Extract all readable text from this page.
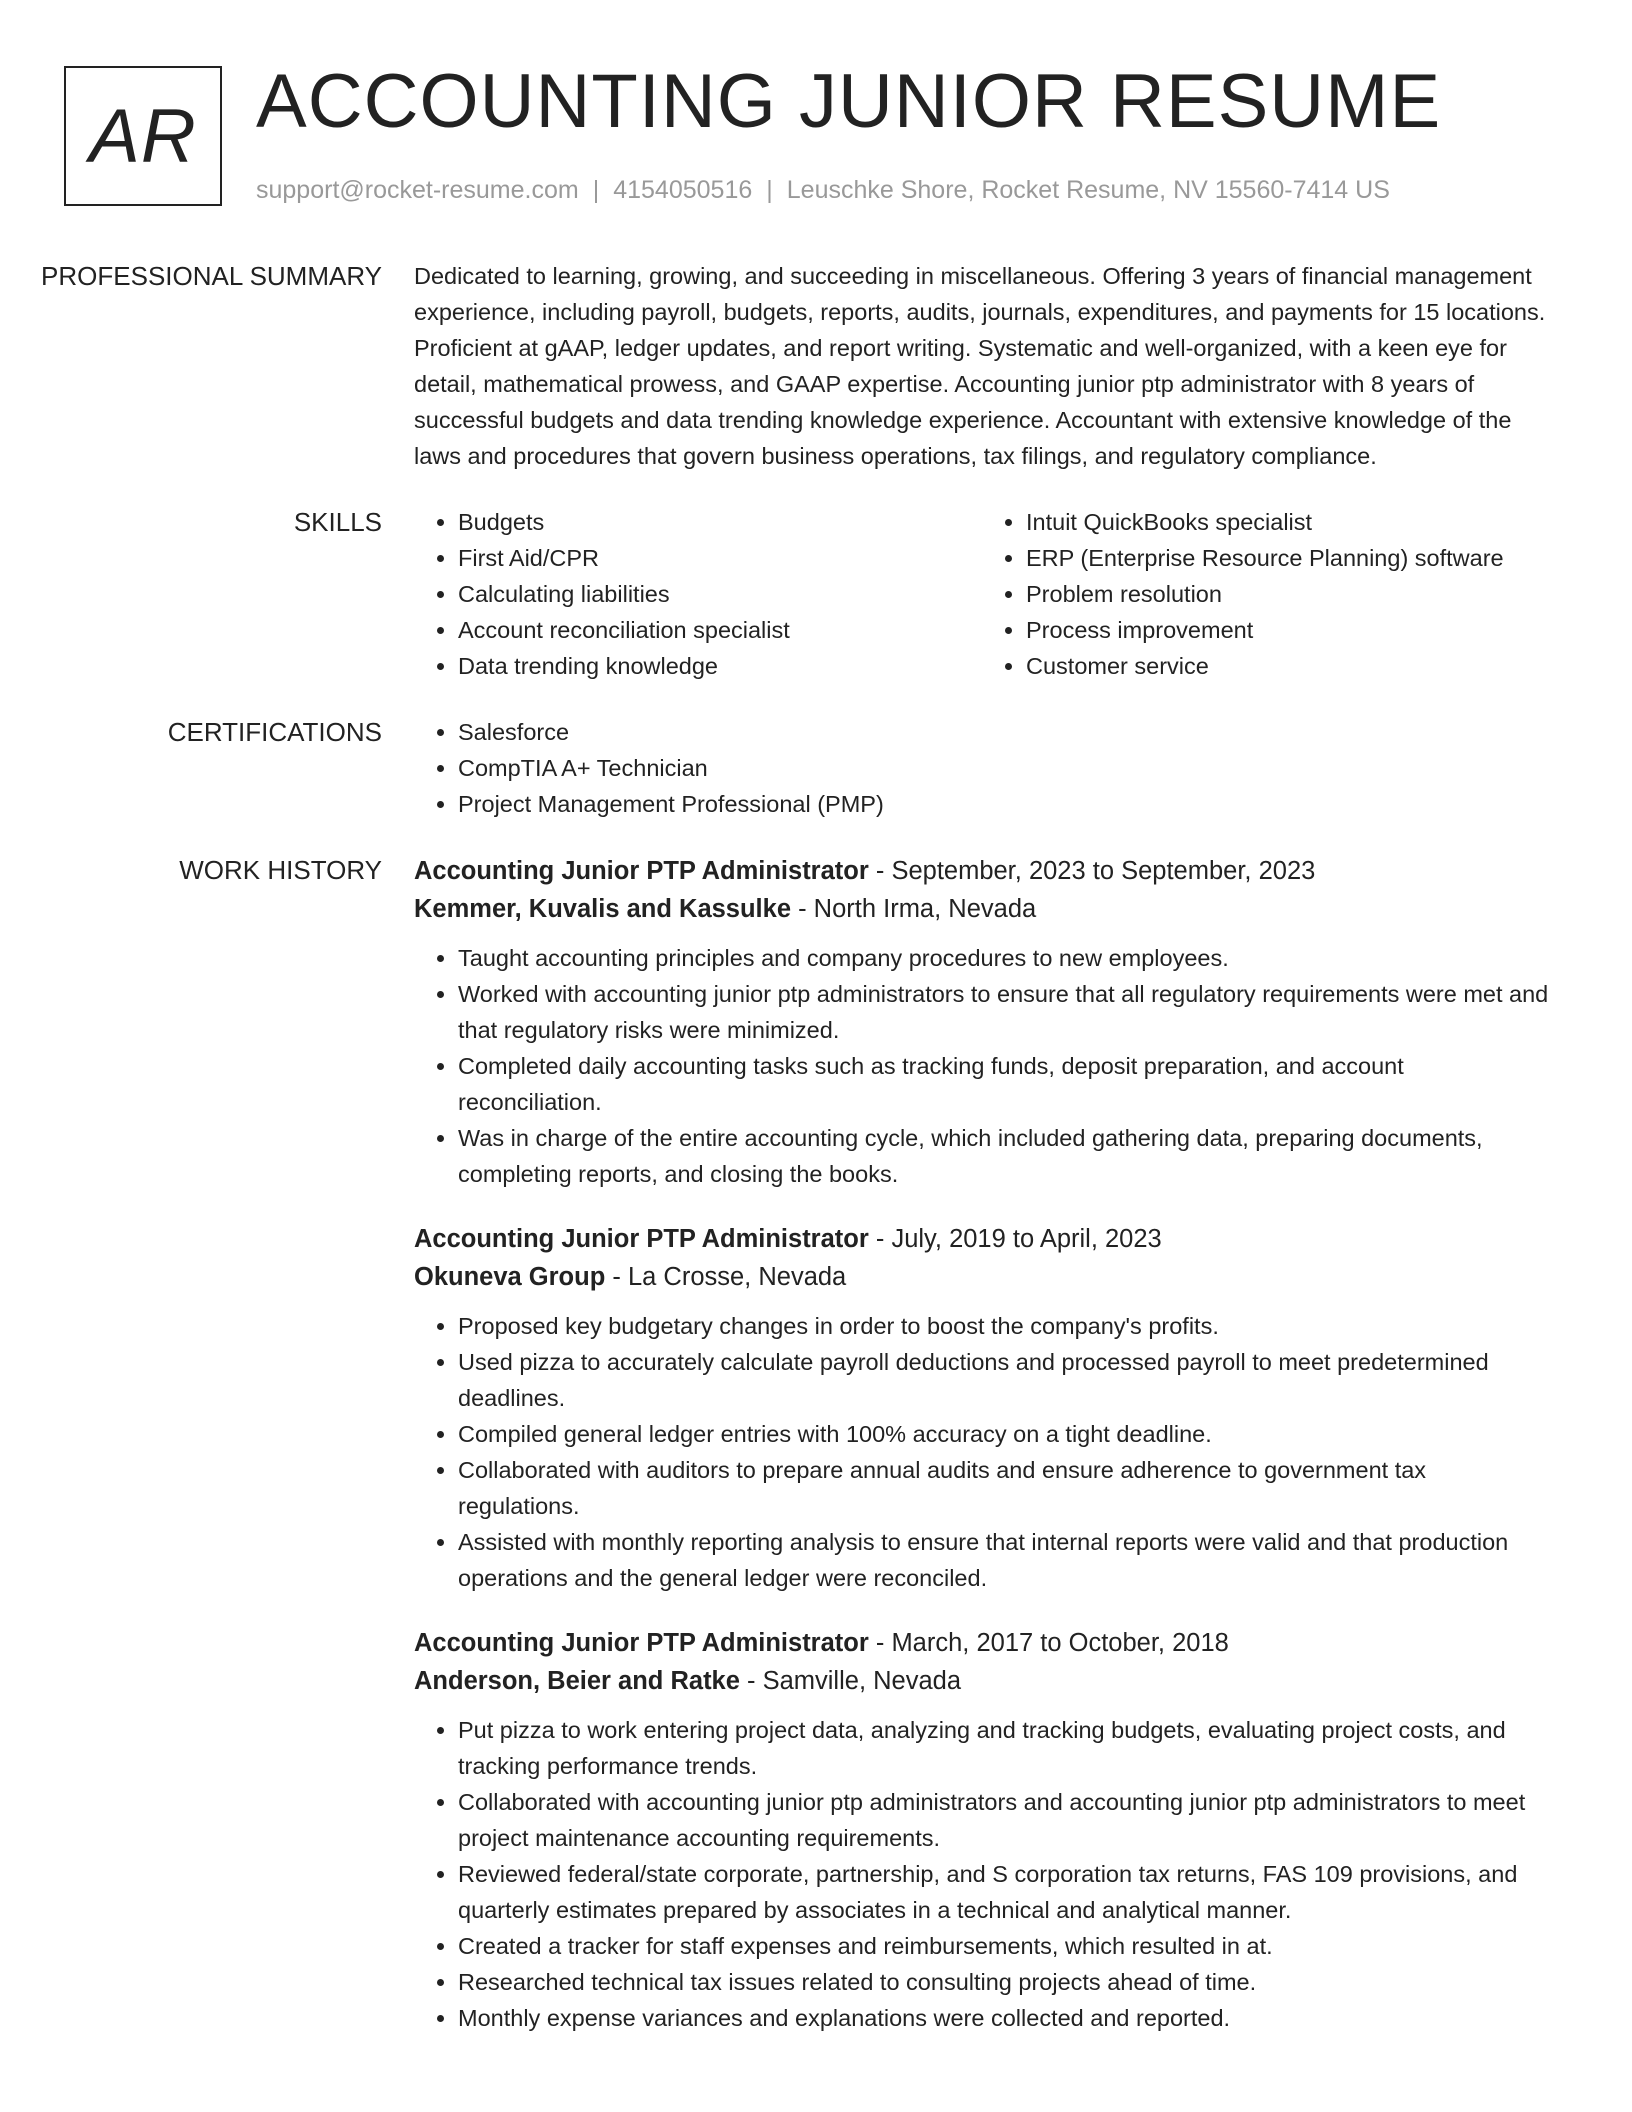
AR ACCOUNTING JUNIOR RESUME
support@rocket-resume.com | 4154050516 | Leuschke Shore, Rocket Resume, NV 15560-7414 US
PROFESSIONAL SUMMARY	Dedicated to learning, growing, and succeeding in miscellaneous. Offering 3 years of financial management experience, including payroll, budgets, reports, audits, journals, expenditures, and payments for 15 locations. Proficient at gAAP, ledger updates, and report writing. Systematic and well-organized, with a keen eye for detail, mathematical prowess, and GAAP expertise. Accounting junior ptp administrator with 8 years of successful budgets and data trending knowledge experience. Accountant with extensive knowledge of the laws and procedures that govern business operations, tax filings, and regulatory compliance.

SKILLS	• Budgets
• First Aid/CPR
• Calculating liabilities
• Account reconciliation specialist
• Data trending knowledge
• Intuit QuickBooks specialist
• ERP (Enterprise Resource Planning) software
• Problem resolution
• Process improvement
• Customer service
CERTIFICATIONS	• Salesforce
• CompTIA A+ Technician
• Project Management Professional (PMP)
WORK HISTORY	Accounting Junior PTP Administrator - September, 2023 to September, 2023
Kemmer, Kuvalis and Kassulke - North Irma, Nevada
• Taught accounting principles and company procedures to new employees.
• Worked with accounting junior ptp administrators to ensure that all regulatory requirements were met and that regulatory risks were minimized.
• Completed daily accounting tasks such as tracking funds, deposit preparation, and account reconciliation.
• Was in charge of the entire accounting cycle, which included gathering data, preparing documents, completing reports, and closing the books.
Accounting Junior PTP Administrator - July, 2019 to April, 2023
Okuneva Group - La Crosse, Nevada
• Proposed key budgetary changes in order to boost the company's profits.
• Used pizza to accurately calculate payroll deductions and processed payroll to meet predetermined deadlines.
• Compiled general ledger entries with 100% accuracy on a tight deadline.
• Collaborated with auditors to prepare annual audits and ensure adherence to government tax regulations.
• Assisted with monthly reporting analysis to ensure that internal reports were valid and that production operations and the general ledger were reconciled.
Accounting Junior PTP Administrator - March, 2017 to October, 2018
Anderson, Beier and Ratke - Samville, Nevada
• Put pizza to work entering project data, analyzing and tracking budgets, evaluating project costs, and tracking performance trends.
• Collaborated with accounting junior ptp administrators and accounting junior ptp administrators to meet project maintenance accounting requirements.
• Reviewed federal/state corporate, partnership, and S corporation tax returns, FAS 109 provisions, and quarterly estimates prepared by associates in a technical and analytical manner.
• Created a tracker for staff expenses and reimbursements, which resulted in at.
• Researched technical tax issues related to consulting projects ahead of time.
• Monthly expense variances and explanations were collected and reported.
